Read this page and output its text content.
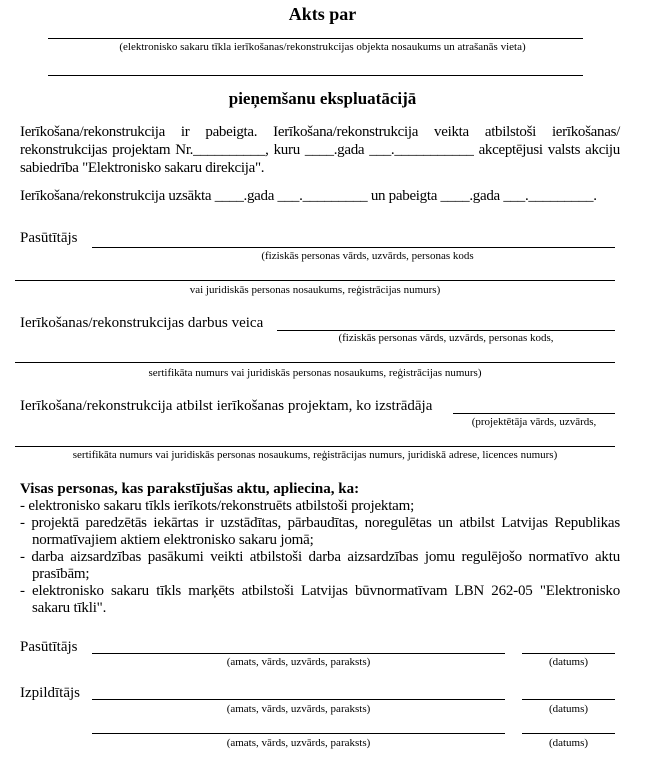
Akts par
(elektronisko sakaru tīkla ierīkošanas/rekonstrukcijas objekta nosaukums un atrašanās vieta)
pieņemšanu ekspluatācijā

Ierīkošana/rekonstrukcija ir pabeigta. Ierīkošana/rekonstrukcija veikta atbilstoši ierīkošanas/ rekonstrukcijas projektam Nr.__________, kuru ____.gada ___.___________ akceptējusi valsts akciju sabiedrība "Elektronisko sakaru direkcija".

Ierīkošana/rekonstrukcija uzsākta ____.gada ___._________ un pabeigta ____.gada ___._________.

Pasūtītājs
(fiziskās personas vārds, uzvārds, personas kods
vai juridiskās personas nosaukums, reģistrācijas numurs)
Ierīkošanas/rekonstrukcijas darbus veica
(fiziskās personas vārds, uzvārds, personas kods,
sertifikāta numurs vai juridiskās personas nosaukums, reģistrācijas numurs)
Ierīkošana/rekonstrukcija atbilst ierīkošanas projektam, ko izstrādāja
(projektētāja vārds, uzvārds,
sertifikāta numurs vai juridiskās personas nosaukums, reģistrācijas numurs, juridiskā adrese, licences numurs)
Visas personas, kas parakstījušas aktu, apliecina, ka:
- elektronisko sakaru tīkls ierīkots/rekonstruēts atbilstoši projektam;
- projektā paredzētās iekārtas ir uzstādītas, pārbaudītas, noregulētas un atbilst Latvijas Republikas normatīvajiem aktiem elektronisko sakaru jomā;
- darba aizsardzības pasākumi veikti atbilstoši darba aizsardzības jomu regulējošo normatīvo aktu prasībām;
- elektronisko sakaru tīkls marķēts atbilstoši Latvijas būvnormatīvam LBN 262-05 "Elektronisko sakaru tīkli".
Pasūtītājs
(amats, vārds, uzvārds, paraksts)	(datums)
Izpildītājs
(amats, vārds, uzvārds, paraksts)	(datums)
(amats, vārds, uzvārds, paraksts)	(datums)
